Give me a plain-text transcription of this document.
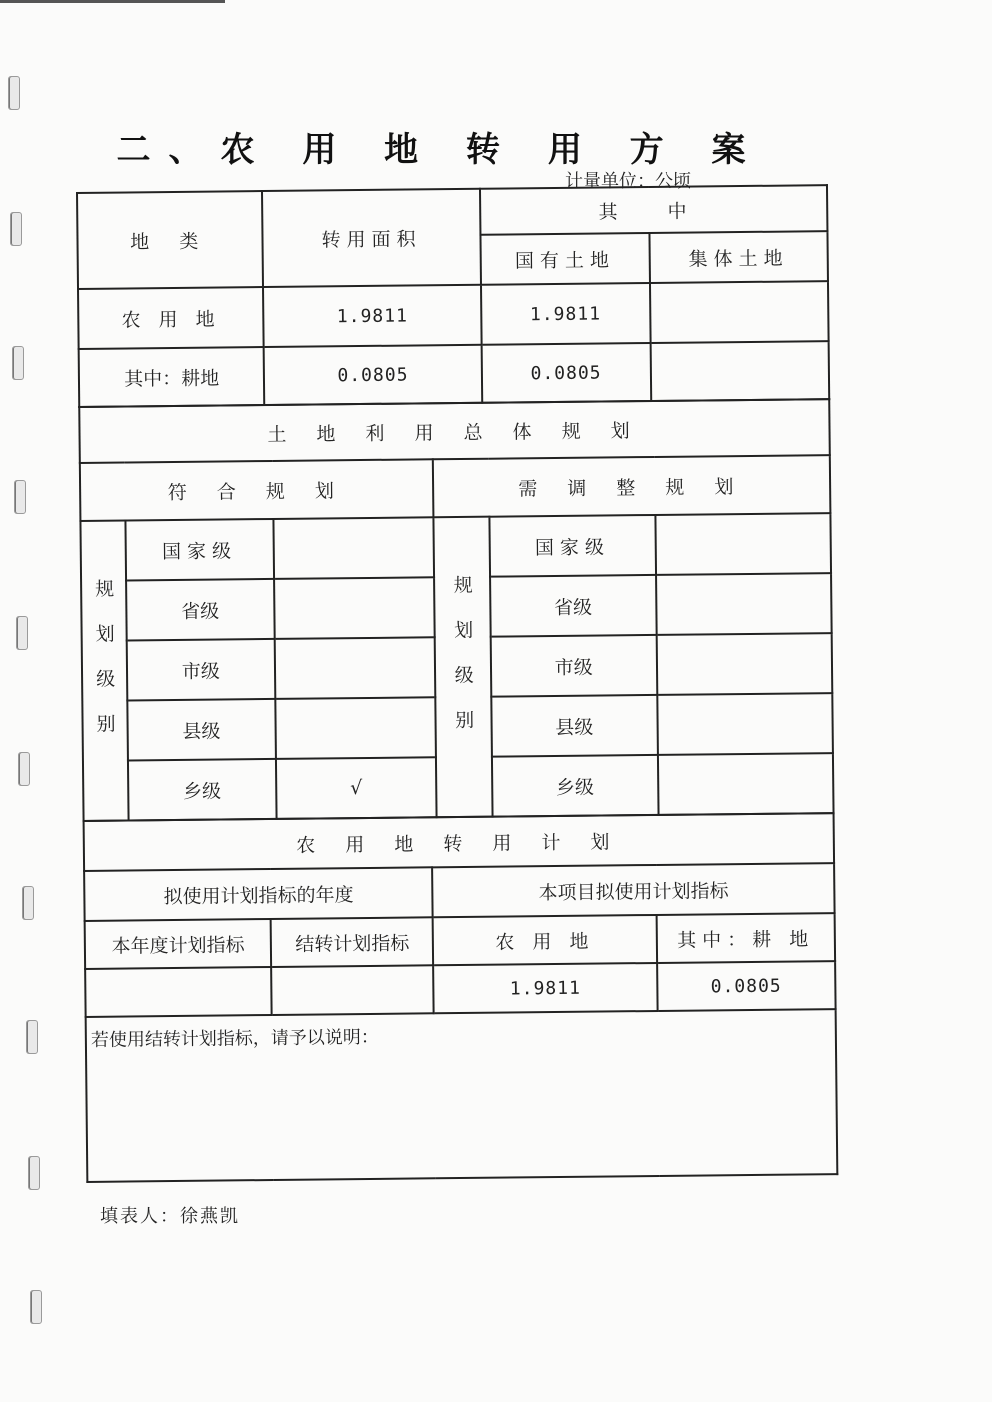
二、农 用 地 转 用 方 案
计量单位：公顷
地 类	转用面积	其 中	
		国有土地	集体土地
农 用 地	1.9811	1.9811	
其中：耕地	0.0805	0.0805	
土 地 利 用 总 体 规 划					
符 合 规 划			需 调 整 规 划		
规划级别	国家级		规划级别	国家级	
	省级			省级	
	市级			市级	
	县级			县级	
	乡级	√		乡级	
农 用 地 转 用 计 划			
拟使用计划指标的年度		本项目拟使用计划指标	
本年度计划指标	结转计划指标	农 用 地	其中：耕 地
		1.9811	0.0805
若使用结转计划指标，请予以说明：			
填表人：徐燕凯
